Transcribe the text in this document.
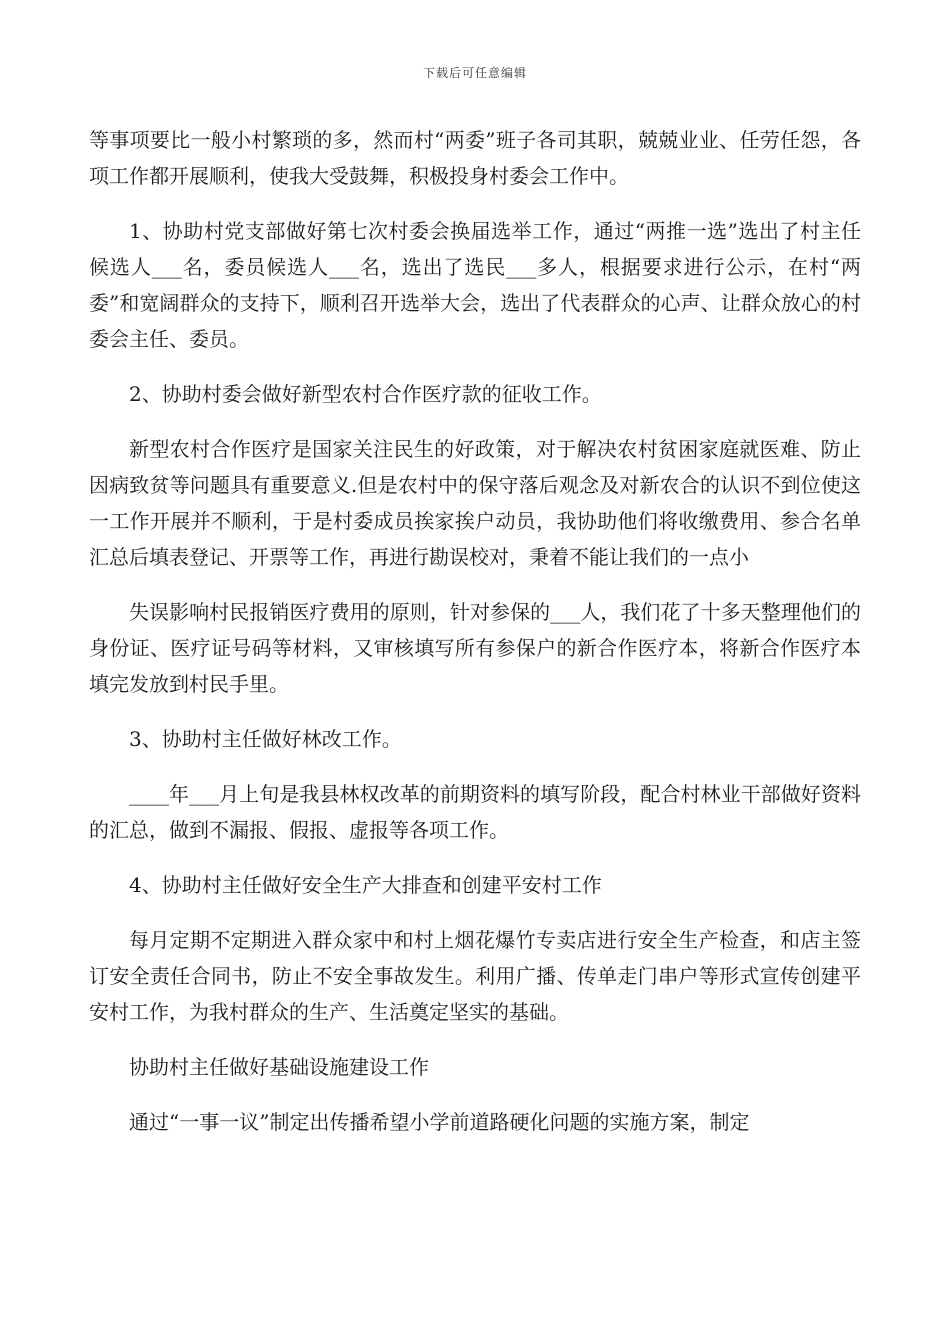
下载后可任意编辑

等事项要比一般小村繁琐的多，然而村“两委”班子各司其职，兢兢业业、任劳任怨，各项工作都开展顺利，使我大受鼓舞，积极投身村委会工作中。

1、协助村党支部做好第七次村委会换届选举工作，通过“两推一选”选出了村主任候选人___名，委员候选人___名，选出了选民___多人，根据要求进行公示，在村“两委”和宽阔群众的支持下，顺利召开选举大会，选出了代表群众的心声、让群众放心的村委会主任、委员。

2、协助村委会做好新型农村合作医疗款的征收工作。

新型农村合作医疗是国家关注民生的好政策，对于解决农村贫困家庭就医难、防止因病致贫等问题具有重要意义.但是农村中的保守落后观念及对新农合的认识不到位使这一工作开展并不顺利，于是村委成员挨家挨户动员，我协助他们将收缴费用、参合名单汇总后填表登记、开票等工作，再进行勘误校对，秉着不能让我们的一点小

失误影响村民报销医疗费用的原则，针对参保的___人，我们花了十多天整理他们的身份证、医疗证号码等材料，又审核填写所有参保户的新合作医疗本，将新合作医疗本填完发放到村民手里。

3、协助村主任做好林改工作。

____年___月上旬是我县林权改革的前期资料的填写阶段，配合村林业干部做好资料的汇总，做到不漏报、假报、虚报等各项工作。

4、协助村主任做好安全生产大排查和创建平安村工作

每月定期不定期进入群众家中和村上烟花爆竹专卖店进行安全生产检查，和店主签订安全责任合同书，防止不安全事故发生。利用广播、传单走门串户等形式宣传创建平安村工作，为我村群众的生产、生活奠定坚实的基础。

协助村主任做好基础设施建设工作

通过“一事一议”制定出传播希望小学前道路硬化问题的实施方案，制定
